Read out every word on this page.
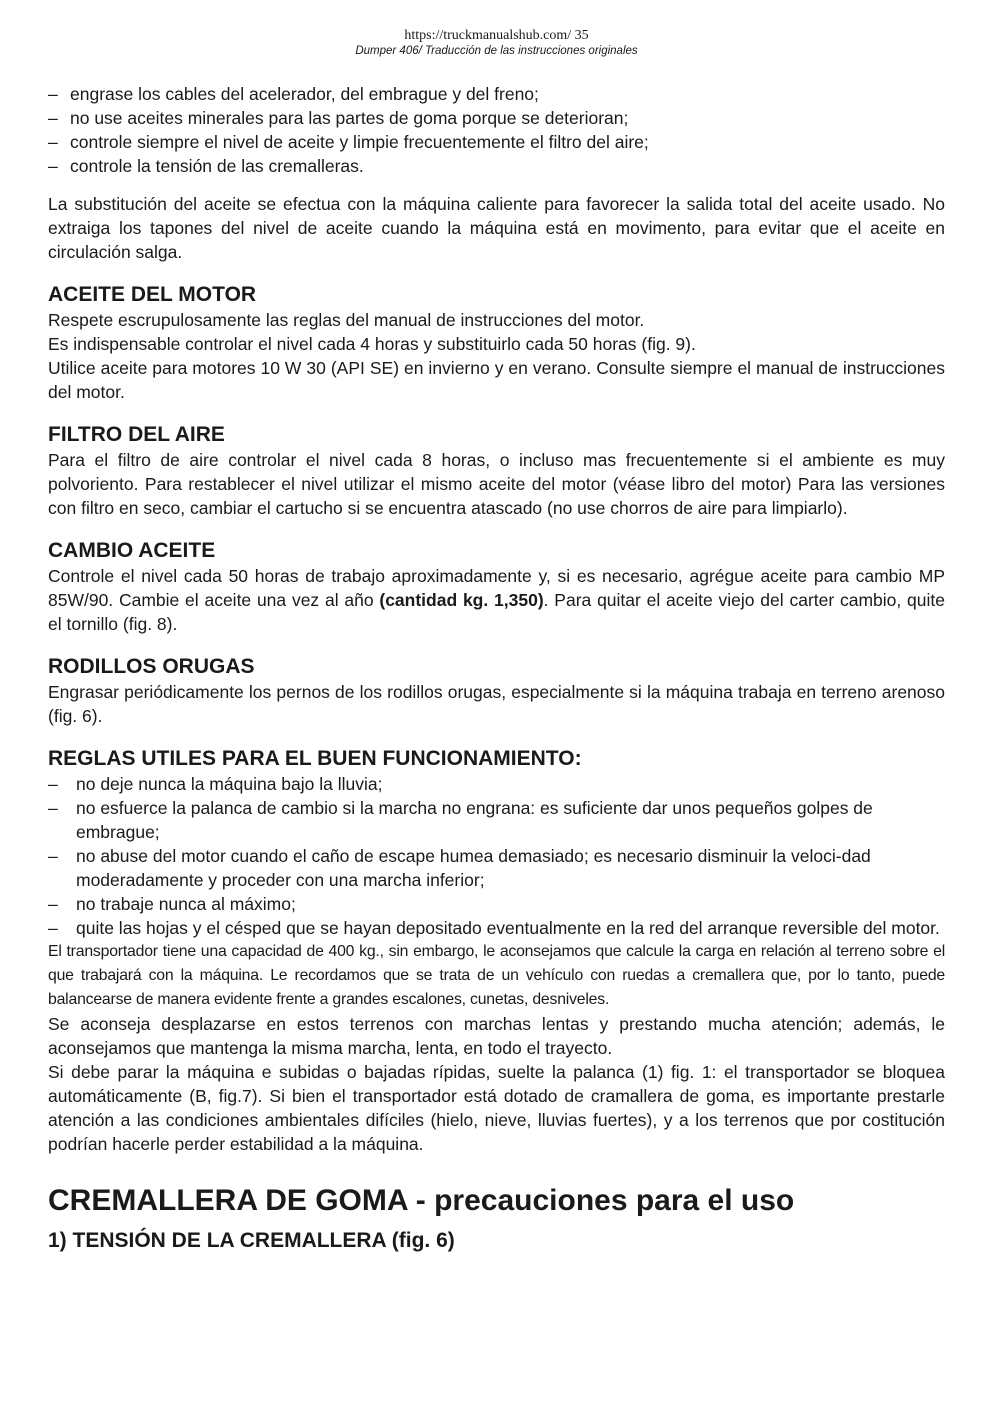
https://truckmanualshub.com/ 35
Dumper 406/ Traducción de las instrucciones originales
– engrase los cables del acelerador, del embrague y del freno;
– no use aceites minerales para las partes de goma porque se deterioran;
– controle siempre el nivel de aceite y limpie frecuentemente el filtro del aire;
– controle la tensión de las cremalleras.

La substitución del aceite se efectua con la máquina caliente para favorecer la salida total del aceite usado. No extraiga los tapones del nivel de aceite cuando la máquina está en movimento, para evitar que el aceite en circulación salga.

ACEITE DEL MOTOR

Respete escrupulosamente las reglas del manual de instrucciones del motor.

Es indispensable controlar el nivel cada 4 horas y substituirlo cada 50 horas (fig. 9).

Utilice aceite para motores 10 W 30 (API SE) en invierno y en verano. Consulte siempre el manual de instrucciones del motor.

FILTRO DEL AIRE

Para el filtro de aire controlar el nivel cada 8 horas, o incluso mas frecuentemente si el ambiente es muy polvoriento. Para restablecer el nivel utilizar el mismo aceite del motor (véase libro del motor) Para las versiones con filtro en seco, cambiar el cartucho si se encuentra atascado (no use chorros de aire para limpiarlo).

CAMBIO ACEITE

Controle el nivel cada 50 horas de trabajo aproximadamente y, si es necesario, agrégue aceite para cambio MP 85W/90. Cambie el aceite una vez al año (cantidad kg. 1,350). Para quitar el aceite viejo del carter cambio, quite el tornillo (fig. 8).

RODILLOS ORUGAS

Engrasar periódicamente los pernos de los rodillos orugas, especialmente si la máquina trabaja en terreno arenoso (fig. 6).

REGLAS UTILES PARA EL BUEN FUNCIONAMIENTO:
– no deje nunca la máquina bajo la lluvia;
– no esfuerce la palanca de cambio si la marcha no engrana: es suficiente dar unos pequeños golpes de embrague;
– no abuse del motor cuando el caño de escape humea demasiado; es necesario disminuir la veloci-dad moderadamente y proceder con una marcha inferior;
– no trabaje nunca al máximo;
– quite las hojas y el césped que se hayan depositado eventualmente en la red del arranque reversible del motor.

El transportador tiene una capacidad de 400 kg., sin embargo, le aconsejamos que calcule la carga en relación al terreno sobre el que trabajará con la máquina. Le recordamos que se trata de un vehículo con ruedas a cremallera que, por lo tanto, puede balancearse de manera evidente frente a grandes escalones, cunetas, desniveles.

Se aconseja desplazarse en estos terrenos con marchas lentas y prestando mucha atención; además, le aconsejamos que mantenga la misma marcha, lenta, en todo el trayecto.

Si debe parar la máquina e subidas o bajadas rípidas, suelte la palanca (1) fig. 1: el transportador se bloquea automáticamente (B, fig.7). Si bien el transportador está dotado de cramallera de goma, es importante prestarle atención a las condiciones ambientales difíciles (hielo, nieve, lluvias fuertes), y a los terrenos que por costitución podrían hacerle perder estabilidad a la máquina.

CREMALLERA DE GOMA - precauciones para el uso
1) TENSIÓN DE LA CREMALLERA (fig. 6)
